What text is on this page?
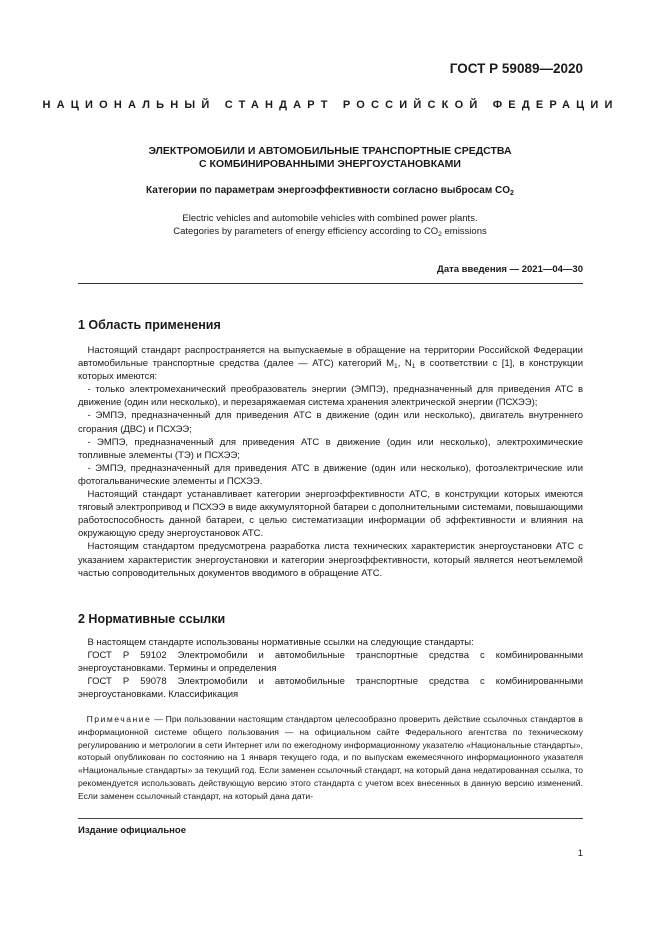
ГОСТ Р 59089—2020
НАЦИОНАЛЬНЫЙ СТАНДАРТ РОССИЙСКОЙ ФЕДЕРАЦИИ
ЭЛЕКТРОМОБИЛИ И АВТОМОБИЛЬНЫЕ ТРАНСПОРТНЫЕ СРЕДСТВА
С КОМБИНИРОВАННЫМИ ЭНЕРГОУСТАНОВКАМИ
Категории по параметрам энергоэффективности согласно выбросам $CO_2$
Electric vehicles and automobile vehicles with combined power plants.
Categories by parameters of energy efficiency according to $CO_2$ emissions
Дата введения — 2021—04—30
1 Область применения

 Настоящий стандарт распространяется на выпускаемые в обращение на территории Российской Федерации автомобильные транспортные средства (далее — АТС) категорий $M_1$, $N_1$ в соответствии с [1], в конструкции которых имеются:

 - только электромеханический преобразователь энергии (ЭМПЭ), предназначенный для приведения АТС в движение (один или несколько), и перезаряжаемая система хранения электрической энергии (ПСХЭЭ);

 - ЭМПЭ, предназначенный для приведения АТС в движение (один или несколько), двигатель внутреннего сгорания (ДВС) и ПСХЭЭ;

 - ЭМПЭ, предназначенный для приведения АТС в движение (один или несколько), электрохимические топливные элементы (ТЭ) и ПСХЭЭ;

 - ЭМПЭ, предназначенный для приведения АТС в движение (один или несколько), фотоэлектрические или фотогальванические элементы и ПСХЭЭ.

 Настоящий стандарт устанавливает категории энергоэффективности АТС, в конструкции которых имеются тяговый электропривод и ПСХЭЭ в виде аккумуляторной батареи с дополнительными системами, повышающими работоспособность данной батареи, с целью систематизации информации об эффективности и влияния на окружающую среду энергоустановок АТС.

 Настоящим стандартом предусмотрена разработка листа технических характеристик энергоустановки АТС с указанием характеристик энергоустановки и категории энергоэффективности, который является неотъемлемой частью сопроводительных документов вводимого в обращение АТС.

2 Нормативные ссылки

 В настоящем стандарте использованы нормативные ссылки на следующие стандарты:

 ГОСТ Р 59102 Электромобили и автомобильные транспортные средства с комбинированными энергоустановками. Термины и определения

 ГОСТ Р 59078 Электромобили и автомобильные транспортные средства с комбинированными энергоустановками. Классификация

 Примечание — При пользовании настоящим стандартом целесообразно проверить действие ссылочных стандартов в информационной системе общего пользования — на официальном сайте Федерального агентства по техническому регулированию и метрологии в сети Интернет или по ежегодному информационному указателю «Национальные стандарты», который опубликован по состоянию на 1 января текущего года, и по выпускам ежемесячного информационного указателя «Национальные стандарты» за текущий год. Если заменен ссылочный стандарт, на который дана недатированная ссылка, то рекомендуется использовать действующую версию этого стандарта с учетом всех внесенных в данную версию изменений. Если заменен ссылочный стандарт, на который дана дати-
Издание официальное
1
